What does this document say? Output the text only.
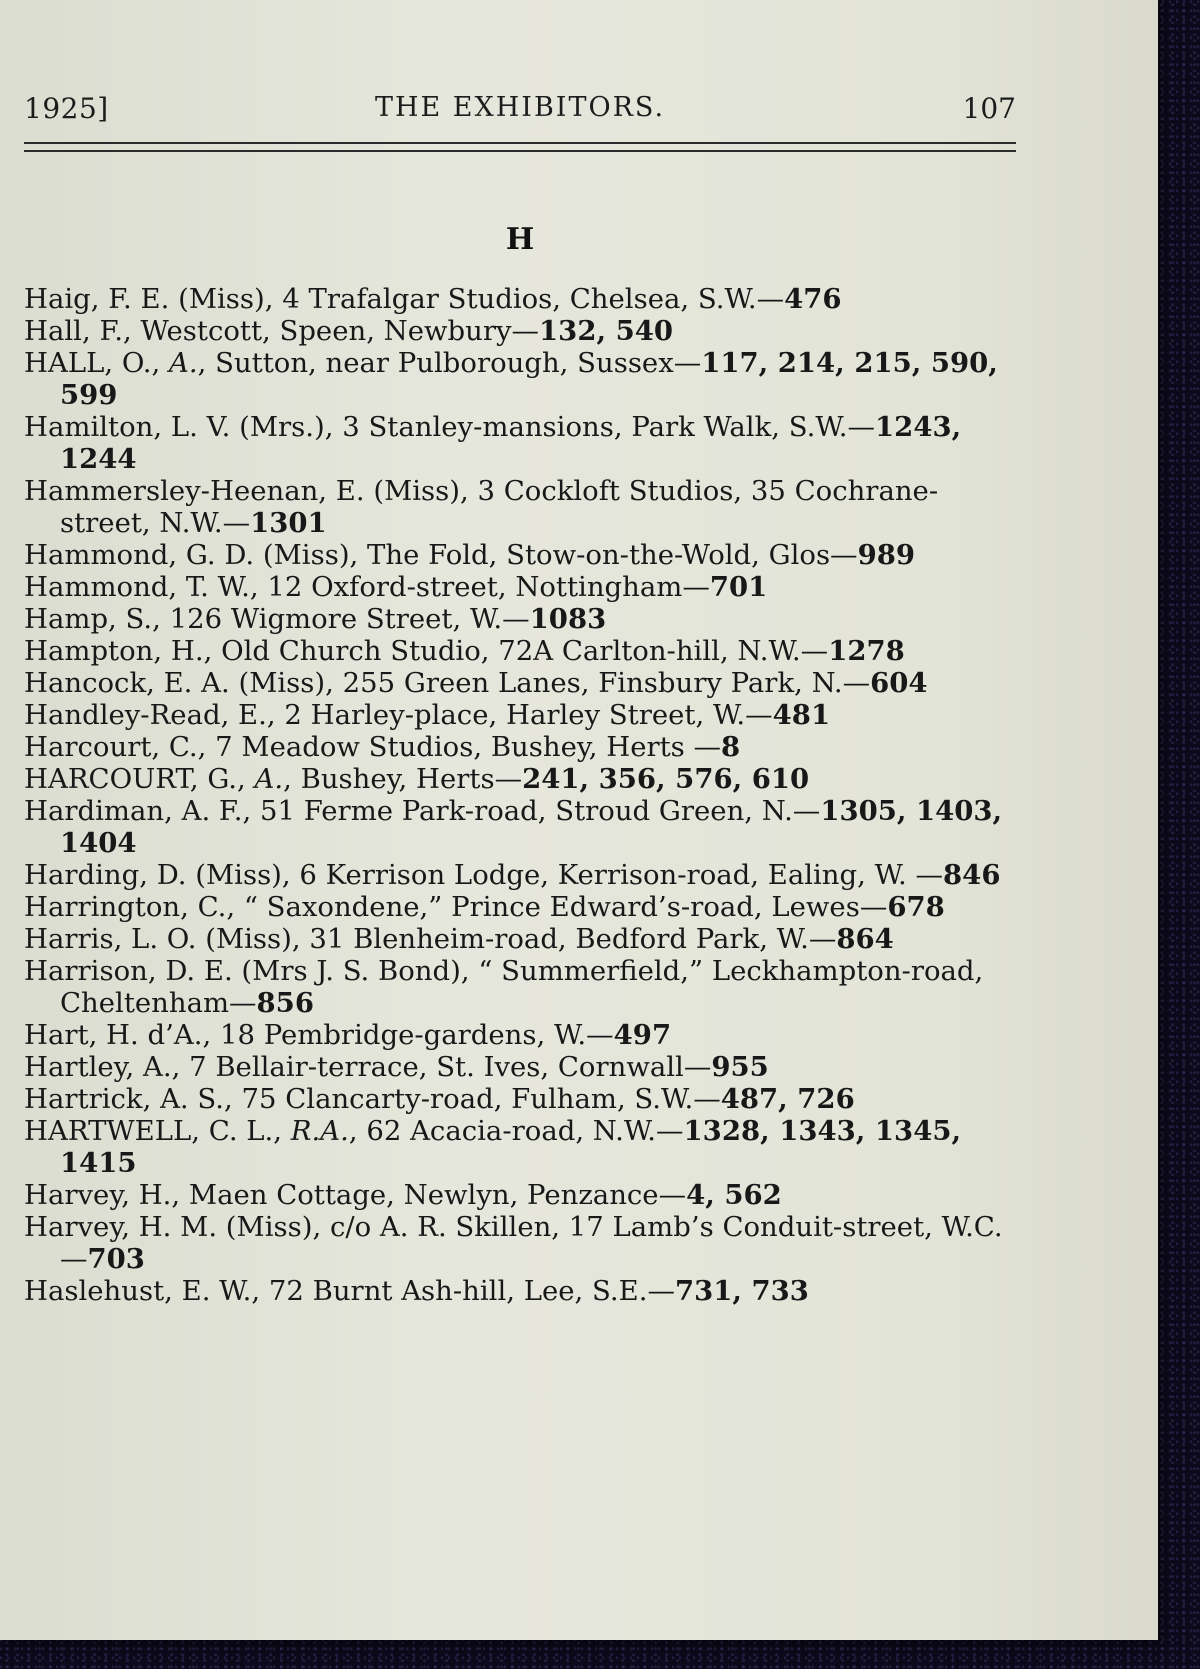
1925]	THE EXHIBITORS.	107
H

Haig, F. E. (Miss), 4 Trafalgar Studios, Chelsea, S.W.—476

Hall, F., Westcott, Speen, Newbury—132, 540

HALL, O., A., Sutton, near Pulborough, Sussex—117, 214, 215, 590, 599

Hamilton, L. V. (Mrs.), 3 Stanley-mansions, Park Walk, S.W.—1243, 1244

Hammersley-Heenan, E. (Miss), 3 Cockloft Studios, 35 Cochrane-street, N.W.—1301

Hammond, G. D. (Miss), The Fold, Stow-on-the-Wold, Glos—989

Hammond, T. W., 12 Oxford-street, Nottingham—701

Hamp, S., 126 Wigmore Street, W.—1083

Hampton, H., Old Church Studio, 72A Carlton-hill, N.W.—1278

Hancock, E. A. (Miss), 255 Green Lanes, Finsbury Park, N.—604

Handley-Read, E., 2 Harley-place, Harley Street, W.—481

Harcourt, C., 7 Meadow Studios, Bushey, Herts —8

HARCOURT, G., A., Bushey, Herts—241, 356, 576, 610

Hardiman, A. F., 51 Ferme Park-road, Stroud Green, N.—1305, 1403, 1404

Harding, D. (Miss), 6 Kerrison Lodge, Kerrison-road, Ealing, W. —846

Harrington, C., “ Saxondene,” Prince Edward’s-road, Lewes—678

Harris, L. O. (Miss), 31 Blenheim-road, Bedford Park, W.—864

Harrison, D. E. (Mrs J. S. Bond), “ Summerfield,” Leckhampton-road, Cheltenham—856

Hart, H. d’A., 18 Pembridge-gardens, W.—497

Hartley, A., 7 Bellair-terrace, St. Ives, Cornwall—955

Hartrick, A. S., 75 Clancarty-road, Fulham, S.W.—487, 726

HARTWELL, C. L., R.A., 62 Acacia-road, N.W.—1328, 1343, 1345, 1415

Harvey, H., Maen Cottage, Newlyn, Penzance—4, 562

Harvey, H. M. (Miss), c/o A. R. Skillen, 17 Lamb’s Conduit-street, W.C.—703

Haslehust, E. W., 72 Burnt Ash-hill, Lee, S.E.—731, 733
